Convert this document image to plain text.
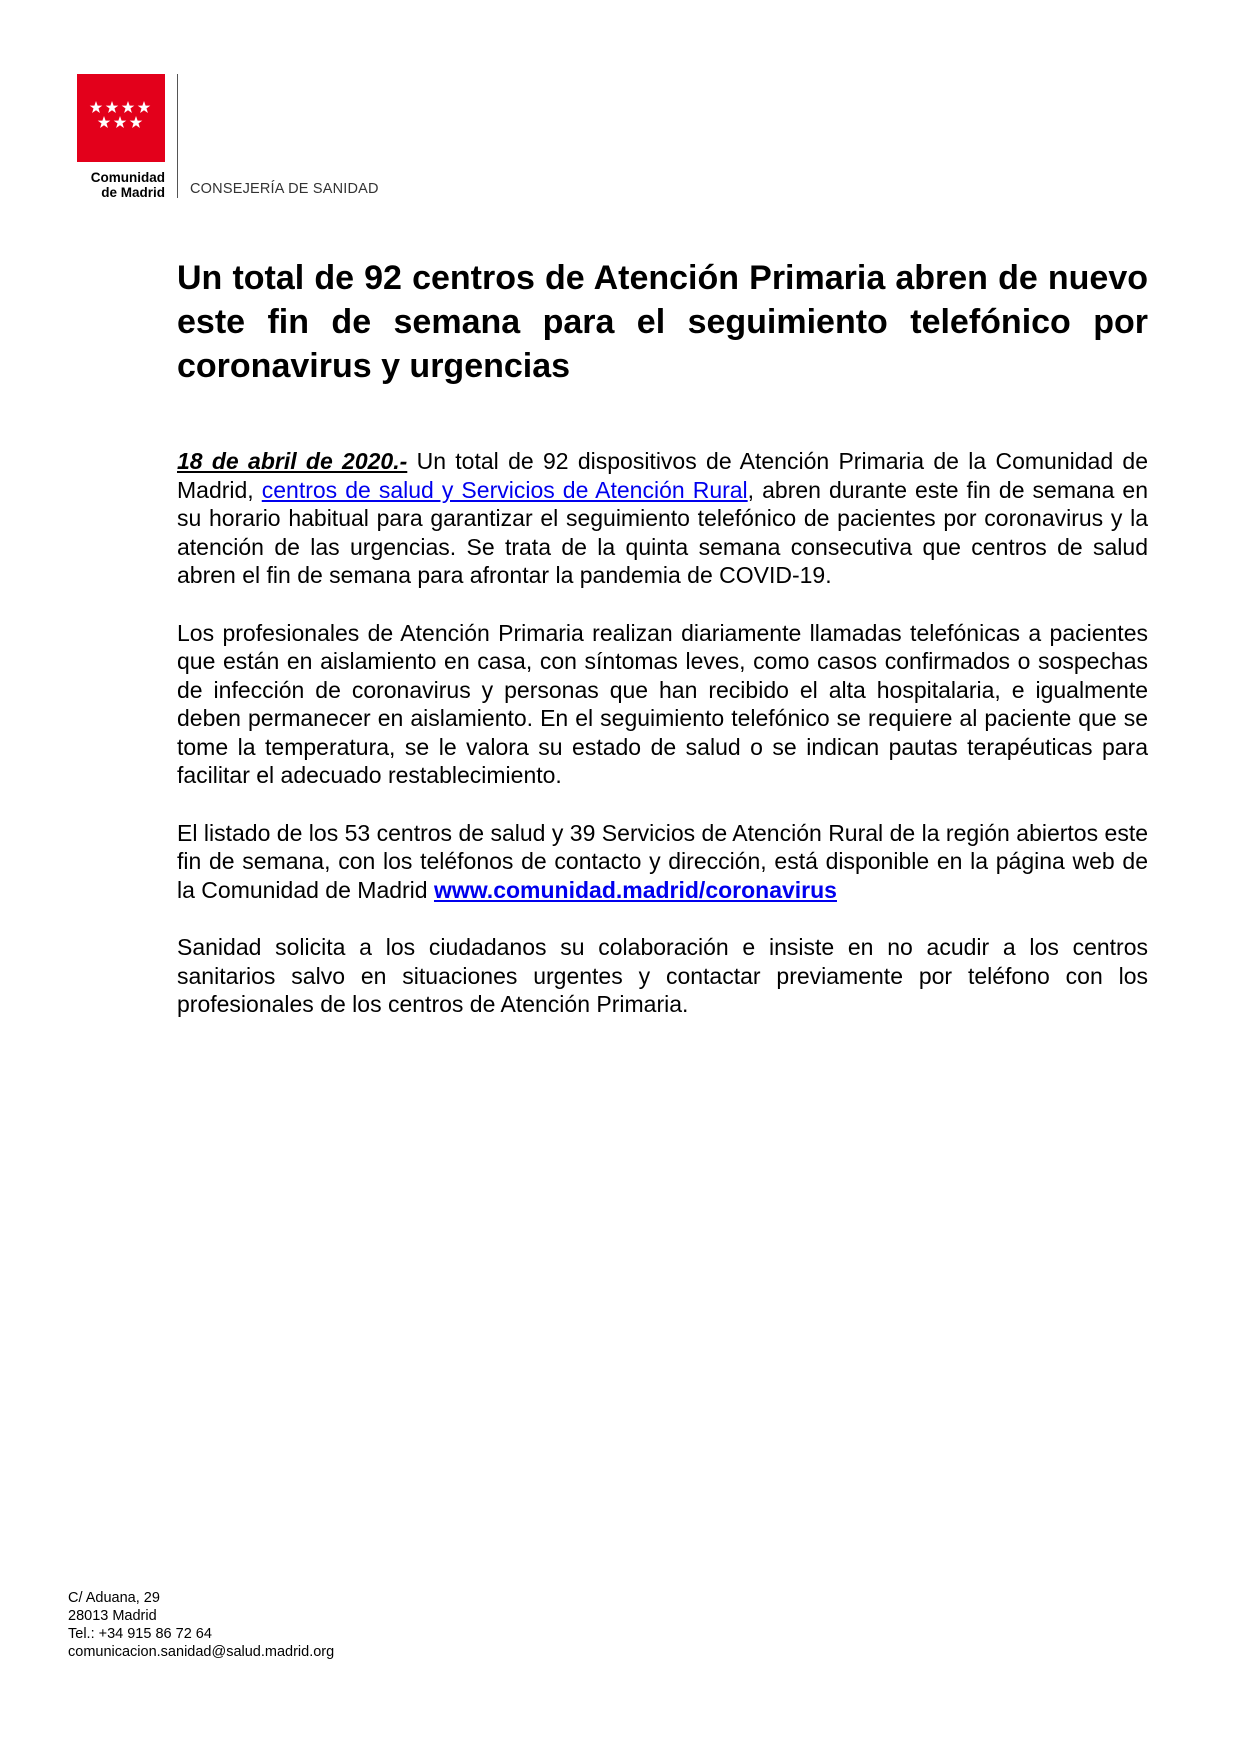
Comunidad
de Madrid CONSEJERÍA DE SANIDAD
Un total de 92 centros de Atención Primaria abren de nuevo este fin de semana para el seguimiento telefónico por coronavirus y urgencias

18 de abril de 2020.- Un total de 92 dispositivos de Atención Primaria de la Comunidad de Madrid, centros de salud y Servicios de Atención Rural, abren durante este fin de semana en su horario habitual para garantizar el seguimiento telefónico de pacientes por coronavirus y la atención de las urgencias. Se trata de la quinta semana consecutiva que centros de salud abren el fin de semana para afrontar la pandemia de COVID-19.

Los profesionales de Atención Primaria realizan diariamente llamadas telefónicas a pacientes que están en aislamiento en casa, con síntomas leves, como casos confirmados o sospechas de infección de coronavirus y personas que han recibido el alta hospitalaria, e igualmente deben permanecer en aislamiento. En el seguimiento telefónico se requiere al paciente que se tome la temperatura, se le valora su estado de salud o se indican pautas terapéuticas para facilitar el adecuado restablecimiento.

El listado de los 53 centros de salud y 39 Servicios de Atención Rural de la región abiertos este fin de semana, con los teléfonos de contacto y dirección, está disponible en la página web de la Comunidad de Madrid www.comunidad.madrid/coronavirus

Sanidad solicita a los ciudadanos su colaboración e insiste en no acudir a los centros sanitarios salvo en situaciones urgentes y contactar previamente por teléfono con los profesionales de los centros de Atención Primaria.

C/ Aduana, 29
28013 Madrid
Tel.: +34 915 86 72 64
comunicacion.sanidad@salud.madrid.org
